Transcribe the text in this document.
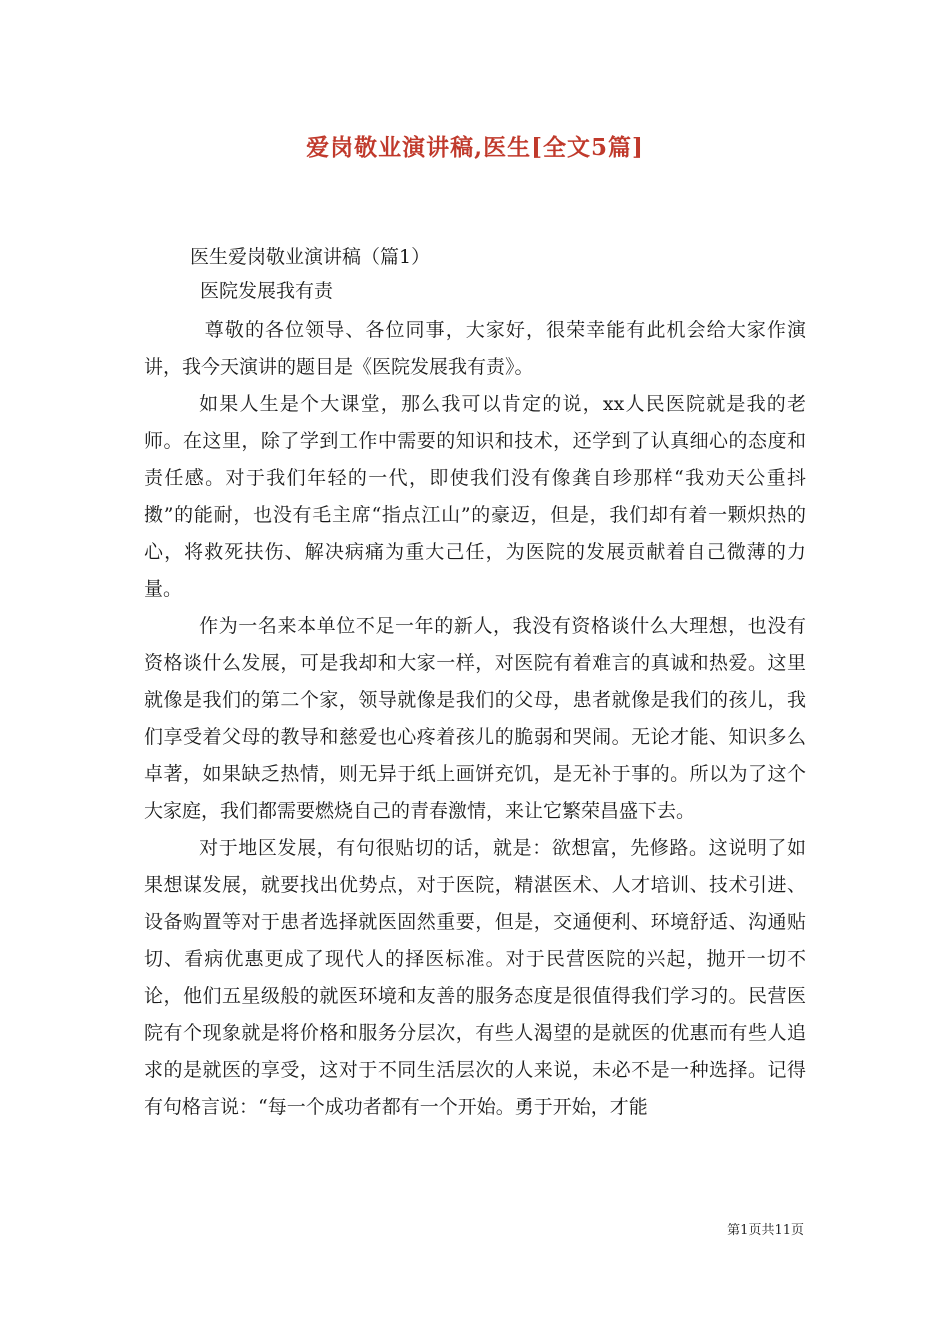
爱岗敬业演讲稿,医生[全文5篇]

医生爱岗敬业演讲稿（篇1）

医院发展我有责

尊敬的各位领导、各位同事，大家好，很荣幸能有此机会给大家作演讲，我今天演讲的题目是《医院发展我有责》。

如果人生是个大课堂，那么我可以肯定的说，xx人民医院就是我的老师。在这里，除了学到工作中需要的知识和技术，还学到了认真细心的态度和责任感。对于我们年轻的一代，即使我们没有像龚自珍那样“我劝天公重抖擞”的能耐，也没有毛主席“指点江山”的豪迈，但是，我们却有着一颗炽热的心，将救死扶伤、解决病痛为重大己任，为医院的发展贡献着自己微薄的力量。

作为一名来本单位不足一年的新人，我没有资格谈什么大理想，也没有资格谈什么发展，可是我却和大家一样，对医院有着难言的真诚和热爱。这里就像是我们的第二个家，领导就像是我们的父母，患者就像是我们的孩儿，我们享受着父母的教导和慈爱也心疼着孩儿的脆弱和哭闹。无论才能、知识多么卓著，如果缺乏热情，则无异于纸上画饼充饥，是无补于事的。所以为了这个大家庭，我们都需要燃烧自己的青春激情，来让它繁荣昌盛下去。

对于地区发展，有句很贴切的话，就是：欲想富，先修路。这说明了如果想谋发展，就要找出优势点，对于医院，精湛医术、人才培训、技术引进、设备购置等对于患者选择就医固然重要，但是，交通便利、环境舒适、沟通贴切、看病优惠更成了现代人的择医标准。对于民营医院的兴起，抛开一切不论，他们五星级般的就医环境和友善的服务态度是很值得我们学习的。民营医院有个现象就是将价格和服务分层次，有些人渴望的是就医的优惠而有些人追求的是就医的享受，这对于不同生活层次的人来说，未必不是一种选择。记得有句格言说：“每一个成功者都有一个开始。勇于开始，才能

第1页共11页
